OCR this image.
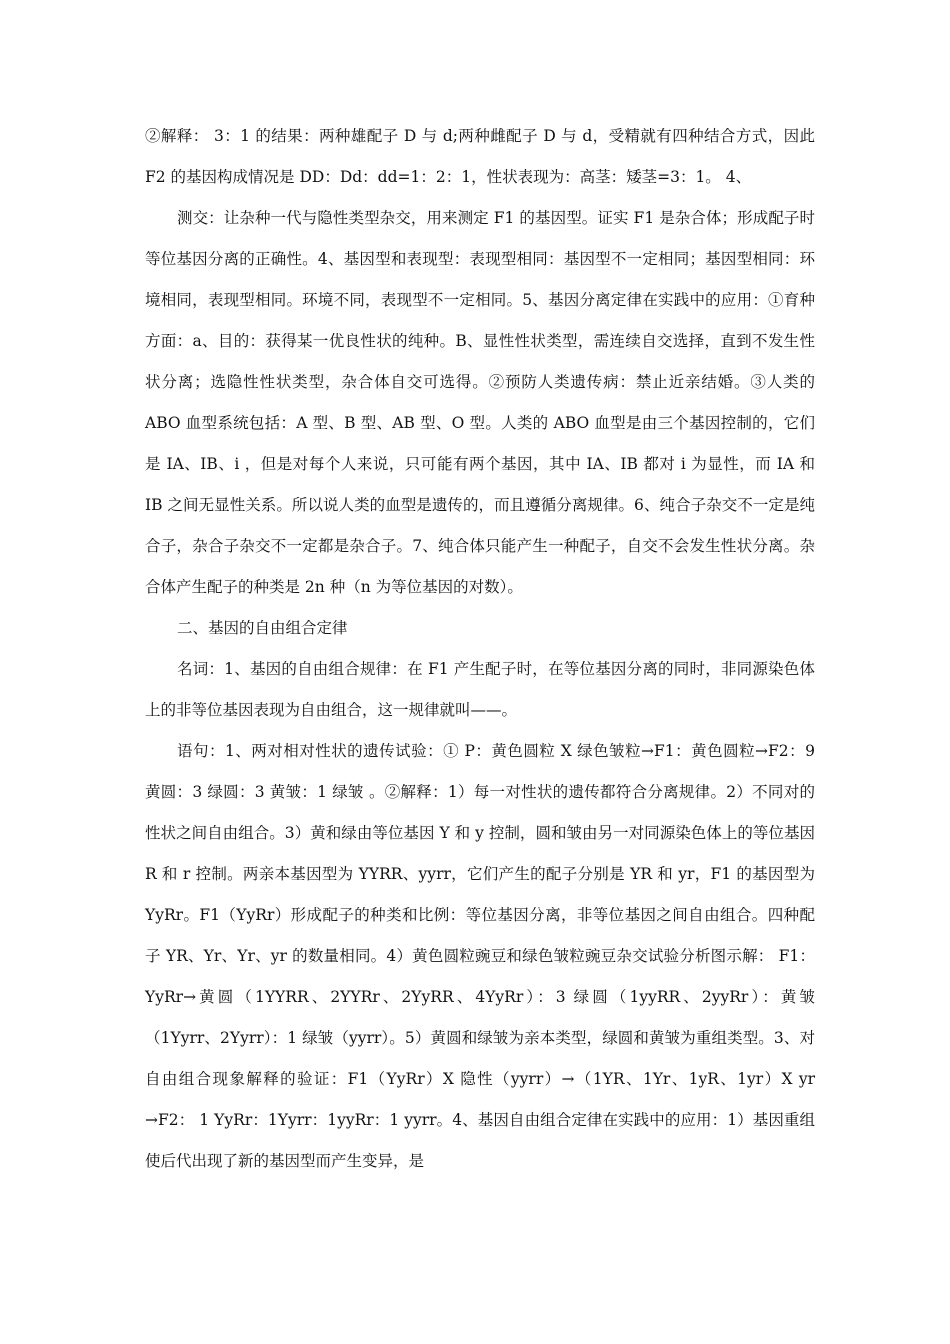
②解释： 3：1 的结果：两种雄配子 D 与 d;两种雌配子 D 与 d，受精就有四种结合方式，因此 F2 的基因构成情况是 DD：Dd：dd=1：2：1，性状表现为：高茎：矮茎=3：1。 4、

测交：让杂种一代与隐性类型杂交，用来测定 F1 的基因型。证实 F1 是杂合体；形成配子时等位基因分离的正确性。4、基因型和表现型：表现型相同：基因型不一定相同；基因型相同：环境相同，表现型相同。环境不同，表现型不一定相同。5、基因分离定律在实践中的应用：①育种方面：a、目的：获得某一优良性状的纯种。B、显性性状类型，需连续自交选择，直到不发生性状分离；选隐性性状类型，杂合体自交可选得。②预防人类遗传病：禁止近亲结婚。③人类的 ABO 血型系统包括：A 型、B 型、AB 型、O 型。人类的 ABO 血型是由三个基因控制的，它们是 IA、IB、i ，但是对每个人来说，只可能有两个基因，其中 IA、IB 都对 i 为显性，而 IA 和 IB 之间无显性关系。所以说人类的血型是遗传的，而且遵循分离规律。6、纯合子杂交不一定是纯合子，杂合子杂交不一定都是杂合子。7、纯合体只能产生一种配子，自交不会发生性状分离。杂合体产生配子的种类是 2n 种（n 为等位基因的对数）。

二、基因的自由组合定律

名词：1、基因的自由组合规律：在 F1 产生配子时，在等位基因分离的同时，非同源染色体上的非等位基因表现为自由组合，这一规律就叫——。

语句：1、两对相对性状的遗传试验：① P：黄色圆粒 X 绿色皱粒→F1：黄色圆粒→F2：9 黄圆：3 绿圆：3 黄皱：1 绿皱 。②解释：1）每一对性状的遗传都符合分离规律。2）不同对的性状之间自由组合。3）黄和绿由等位基因 Y 和 y 控制，圆和皱由另一对同源染色体上的等位基因 R 和 r 控制。两亲本基因型为 YYRR、yyrr，它们产生的配子分别是 YR 和 yr，F1 的基因型为 YyRr。F1（YyRr）形成配子的种类和比例：等位基因分离，非等位基因之间自由组合。四种配子 YR、Yr、Yr、yr 的数量相同。4）黄色圆粒豌豆和绿色皱粒豌豆杂交试验分析图示解： F1：YyRr→黄圆（1YYRR、2YYRr、2YyRR、4YyRr）：3 绿圆（1yyRR、2yyRr）：黄皱（1Yyrr、2Yyrr）：1 绿皱（yyrr）。5）黄圆和绿皱为亲本类型，绿圆和黄皱为重组类型。3、对自由组合现象解释的验证：F1（YyRr）X 隐性（yyrr）→（1YR、1Yr、1yR、1yr）X yr →F2： 1 YyRr：1Yyrr：1yyRr：1 yyrr。4、基因自由组合定律在实践中的应用：1）基因重组使后代出现了新的基因型而产生变异，是
